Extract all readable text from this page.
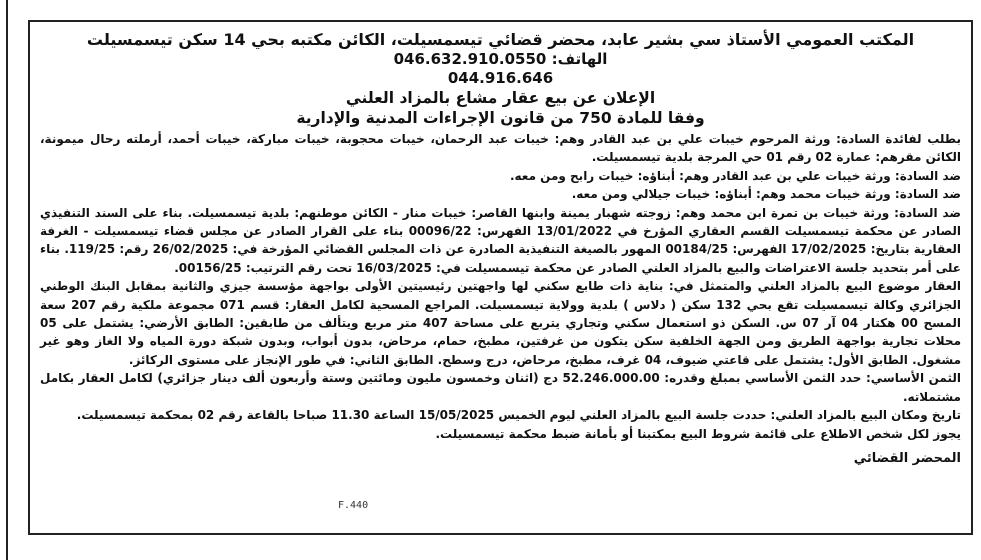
المكتب العمومي الأستاذ سي بشير عابد، محضر قضائي تيسمسيلت، الكائن مكتبه بحي 14 سكن تيسمسيلت
الهاتف: 046.632.910.0550
044.916.646
الإعلان عن بيع عقار مشاع بالمزاد العلني
وفقا للمادة 750 من قانون الإجراءات المدنية والإدارية

بطلب لفائدة السادة: ورثة المرحوم خيبات علي بن عبد القادر وهم: خيبات عبد الرحمان، خيبات محجوبة، خيبات مباركة، خيبات أحمد، أرملته رحال ميمونة، الكائن مقرهم: عمارة 02 رقم 01 حي المرجة بلدية تيسمسيلت.

ضد السادة: ورثة خيبات علي بن عبد القادر وهم: أبناؤه: خيبات رابح ومن معه.

ضد السادة: ورثة خيبات محمد وهم: أبناؤه: خيبات جيلالي ومن معه.

ضد السادة: ورثة خيبات بن تمرة ابن محمد وهم: زوجته شهبار يمينة وابنها القاصر: خيبات منار - الكائن موطنهم: بلدية تيسمسيلت. بناء على السند التنفيذي الصادر عن محكمة تيسمسيلت القسم العقاري المؤرخ في 13/01/2022 الفهرس: 00096/22 بناء على القرار الصادر عن مجلس قضاء تيسمسيلت - الغرفة العقارية بتاريخ: 17/02/2025 الفهرس: 00184/25 المهور بالصيغة التنفيذية الصادرة عن ذات المجلس القضائي المؤرخة في: 26/02/2025 رقم: 119/25. بناء على أمر بتحديد جلسة الاعتراضات والبيع بالمزاد العلني الصادر عن محكمة تيسمسيلت في: 16/03/2025 تحت رقم الترتيب: 00156/25.

العقار موضوع البيع بالمزاد العلني والمتمثل في: بناية ذات طابع سكني لها واجهتين رئيسيتين الأولى بواجهة مؤسسة جيزي والثانية بمقابل البنك الوطني الجزائري وكالة تيسمسيلت تقع بحي 132 سكن ( دلاس ) بلدية وولاية تيسمسيلت. المراجع المسحية لكامل العقار: قسم 071 مجموعة ملكية رقم 207 سعة المسح 00 هكتار 04 آر 07 س. السكن ذو استعمال سكني وتجاري يتربع على مساحة 407 متر مربع ويتألف من طابقين: الطابق الأرضي: يشتمل على 05 محلات تجارية بواجهة الطريق ومن الجهة الخلفية سكن يتكون من غرفتين، مطبخ، حمام، مرحاض، بدون أبواب، وبدون شبكة دورة المياه ولا الغاز وهو غير مشغول. الطابق الأول: يشتمل على قاعتي ضيوف، 04 غرف، مطبخ، مرحاض، درج وسطح. الطابق الثاني: في طور الإنجاز على مستوى الركائز.

الثمن الأساسي: حدد الثمن الأساسي بمبلغ وقدره: 52.246.000.00 دج (اثنان وخمسون مليون ومائتين وستة وأربعون ألف دينار جزائري) لكامل العقار بكامل مشتملاته.

تاريخ ومكان البيع بالمزاد العلني: حددت جلسة البيع بالمزاد العلني ليوم الخميس 15/05/2025 الساعة 11.30 صباحا بالقاعة رقم 02 بمحكمة تيسمسيلت.

يجوز لكل شخص الاطلاع على قائمة شروط البيع بمكتبنا أو بأمانة ضبط محكمة تيسمسيلت.

المحضر القضائي
F.440
